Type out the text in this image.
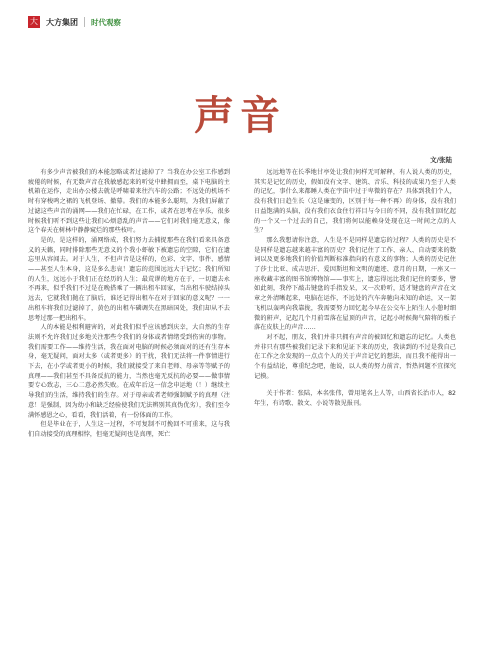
大 大方集团 时代观察
声音
文/张陆

有多少声音被我们的本能忽略或者过滤掉了？当我在办公室工作感到疲倦的时候，有无数声音在我敏感起来的听觉中蜂拥而至，桌下电脑的主机箱在运作，走出办公楼去就是呼啸着来往汽车的公路；不远处的机场不时有穿梭鸣之裙的飞机登场、撤幕。我们的本能多么聪明，为我们屏蔽了过滤这些声音的涌网——我们在忙碌，在工作，或者在思考在享乐，很多时候我们听不到这些让我们心烦意乱的声音——它们对我们毫无意义，像这个春天在树林中静静窥烂的那些枝叶。

是的，是这样的，涌网络成，我们努力去捕捉那些在我们看来具备意义的天籁，同时排除那些无意义的个我小虾敏下被遗忘的空隙，它们在遗忘里从容闻去。对于人生，不但声音是这样的，色彩、文字、事件、感情——甚至人生本身，这是多么悲哀！遗忘的范围远远大于记忆；我们所知的人生，远远小于我们正在经历的人生；最荒谬的地方在于，一切遗去永不再来，似乎我们不过是在晚搭乘了一辆出租车回家，当出租车驶结掉头远去，它就我们抛在了脑后，谁还记得出租车在对于回家的意义呢？一一出租车将我们过滤掉了，黄色的出租车磷调失在黑暗国处，我们却从不去思考过那一把出租车。

人的本能是相利避害的，对此我们似乎应该感到庆幸，大自然的生存法则不允许我们过多地关注那些令我们的身体或者情绪受到伤害的事物。我们需要工作——维持生活，我在面对电脑的时候必须面对的还有生存本身，毫无疑问，面对太多（或者更多）的干扰，我们无法将一件事情进行下去，在小学或者更小的时候，我们就接受了来自老师、母亲等等赋予的真理——我们甚至不具备反抗的能力，当然也毫无反抗的必要——做事情要专心致志，三心二意必然失败。在成年后这一信念申运地（！）继续主导我们的生活，维持我们的生存。对于母亲或者老师强制赋予的真理（注意！是强制，因为幼小和缺乏经验使我们无法辨别其真伪优劣），我们至今满怀感恩之心，看看，我们活着，有一份体面的工作。

但是毕业在于，人生这一过程，不可复制不可挽回不可重来，这与我们自动接受的真理相悖，但毫无疑问也是真理，死亡

远远地等在长季地甘亭处让我们何样无可解释，有人说人类的历史，其实是记忆的历史，假如没有文字、建筑、音乐、科技的或果乃至于人类的记忆，事什么来都睡人类在宇宙中过于卑微的存在？具体到我们个人，没有我们日趋生长（这是廉变的，区别于每一种不再）的身体，没有我们日益饱满的头脑，没有我们衣食住行祥目与今日的不同，没有我们回忆起的一个又一个过去的自己，我们将何以能赖身处现在这一时间之点的人生？

那么我想请你注意，人生是不是同样是遗忘的过程？人类的历史是不是同样是遗忘越来越丰富的历史？我们记住了工作、亲人、自动要来的数词以及更多地我们的价值判断标准指向的有意义的事物；人类的历史记住了莎士比亚、成吉思汗、爱因斯坦和文明的遗迹、意月的日期，一座又一座收藏丰富的图书馆博物馆——事实上，遗忘得远比我们记住的要多，譬如此刻，我停下敲击键盘的手指发呆，又一次聆听，适才键盘的声音在文章之外清晰起来，电脑在运作，不远处的汽车奔驰向未知的命运，又一架飞机以轰鸣向我靠拢，我需要努力回忆起今早在公交车上陌生人小憩时细微的鼾声，记起几个月前雪落在屋顶的声音，记起小时候掬气陪将的板子落在皮肤上的声音……

对不起，朋友，我们并非只拥有声音的被回忆和遗忘的记忆。人类也并非只有那些被我们记录下来和见证下来的历史，我读到的不过是我自己在工作之余发现的一点点个人的关于声音记忆的想法，而且我不能得出一个有益结论，尊重纪念吧，他说，以人类的努力前音，哲热问题不宜探究记摸。

关于作者：张陆，本名张伟，曾用笔名上人等，山西省长治市人，82年生，有诗歌、散文、小说等散见报刊。
